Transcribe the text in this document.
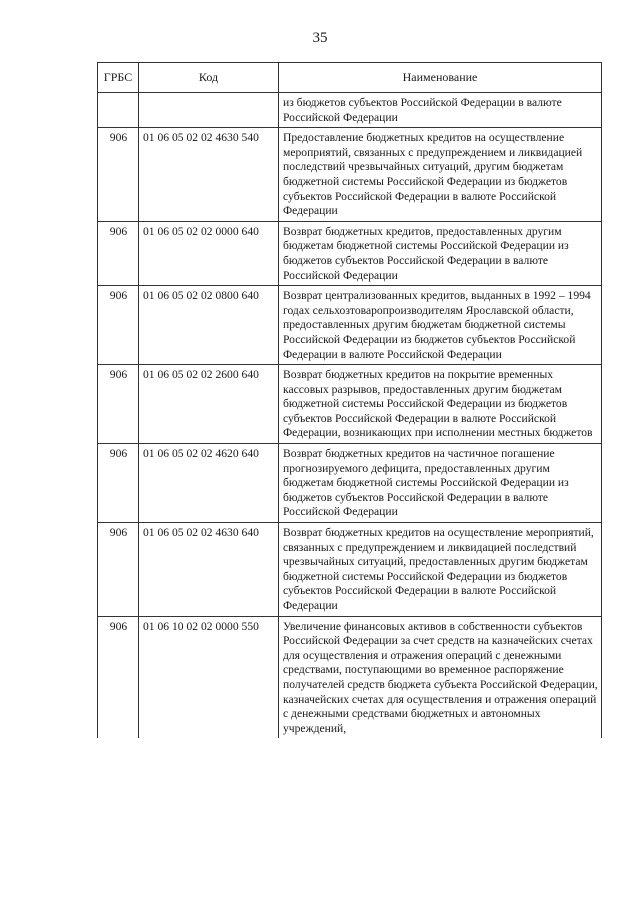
35
ГРБС	Код	Наименование
		из бюджетов субъектов Российской Федерации в валюте Российской Федерации
906	01 06 05 02 02 4630 540	Предоставление бюджетных кредитов на осуществление мероприятий, связанных с предупреждением и ликвидацией последствий чрезвычайных ситуаций, другим бюджетам бюджетной системы Российской Федерации из бюджетов субъектов Российской Федерации в валюте Российской Федерации
906	01 06 05 02 02 0000 640	Возврат бюджетных кредитов, предоставленных другим бюджетам бюджетной системы Российской Федерации из бюджетов субъектов Российской Федерации в валюте Российской Федерации
906	01 06 05 02 02 0800 640	Возврат централизованных кредитов, выданных в 1992 – 1994 годах сельхозтоваропроизводителям Ярославской области, предоставленных другим бюджетам бюджетной системы Российской Федерации из бюджетов субъектов Российской Федерации в валюте Российской Федерации
906	01 06 05 02 02 2600 640	Возврат бюджетных кредитов на покрытие временных кассовых разрывов, предоставленных другим бюджетам бюджетной системы Российской Федерации из бюджетов субъектов Российской Федерации в валюте Российской Федерации, возникающих при исполнении местных бюджетов
906	01 06 05 02 02 4620 640	Возврат бюджетных кредитов на частичное погашение прогнозируемого дефицита, предоставленных другим бюджетам бюджетной системы Российской Федерации из бюджетов субъектов Российской Федерации в валюте Российской Федерации
906	01 06 05 02 02 4630 640	Возврат бюджетных кредитов на осуществление мероприятий, связанных с предупреждением и ликвидацией последствий чрезвычайных ситуаций, предоставленных другим бюджетам бюджетной системы Российской Федерации из бюджетов субъектов Российской Федерации в валюте Российской Федерации
906	01 06 10 02 02 0000 550	Увеличение финансовых активов в собственности субъектов Российской Федерации за счет средств на казначейских счетах для осуществления и отражения операций с денежными средствами, поступающими во временное распоряжение получателей средств бюджета субъекта Российской Федерации, казначейских счетах для осуществления и отражения операций с денежными средствами бюджетных и автономных учреждений,
